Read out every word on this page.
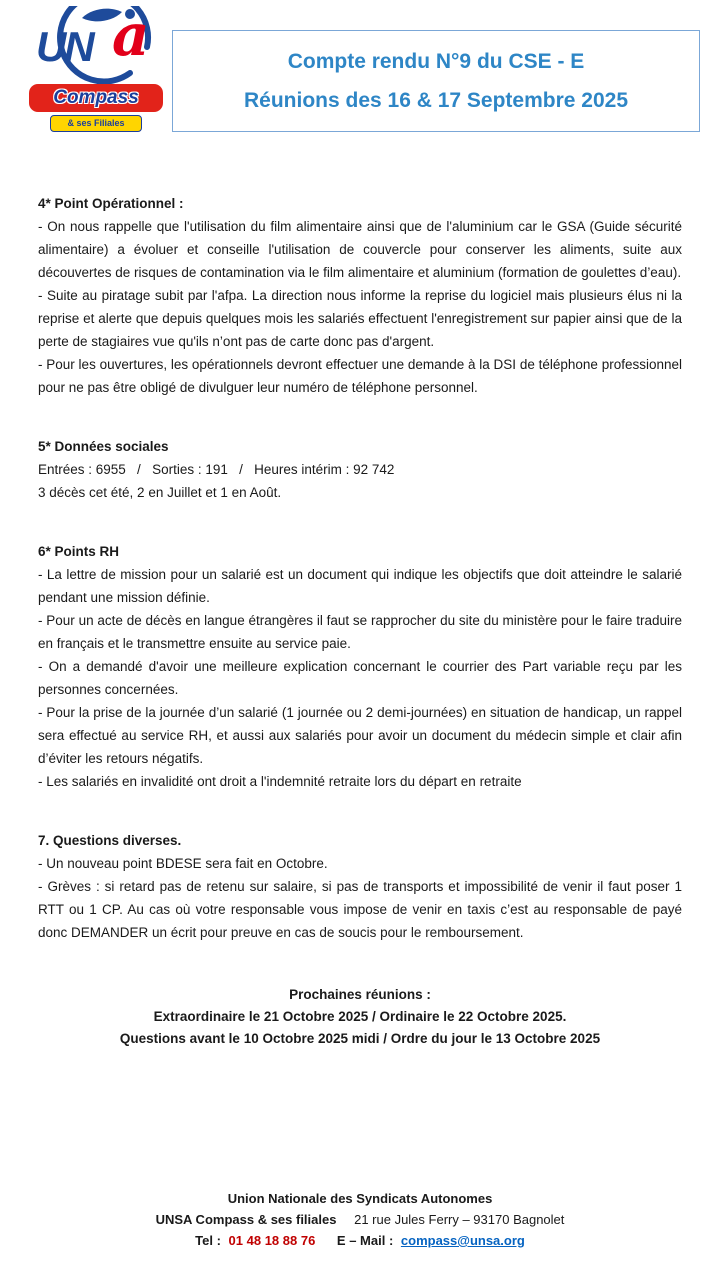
UN a
Compass
& ses Filiales
Compte rendu N°9 du CSE - E
Réunions des 16 & 17 Septembre 2025
4* Point Opérationnel :

- On nous rappelle que l'utilisation du film alimentaire ainsi que de l'aluminium car le GSA (Guide sécurité alimentaire) a évoluer et conseille l'utilisation de couvercle pour conserver les aliments, suite aux découvertes de risques de contamination via le film alimentaire et aluminium (formation de goulettes d’eau).

- Suite au piratage subit par l'afpa. La direction nous informe la reprise du logiciel mais plusieurs élus ni la reprise et alerte que depuis quelques mois les salariés effectuent l'enregistrement sur papier ainsi que de la perte de stagiaires vue qu'ils n’ont pas de carte donc pas d'argent.

- Pour les ouvertures, les opérationnels devront effectuer une demande à la DSI de téléphone professionnel pour ne pas être obligé de divulguer leur numéro de téléphone personnel.

5* Données sociales

Entrées : 6955   /   Sorties : 191   /   Heures intérim : 92 742

3 décès cet été, 2 en Juillet et 1 en Août.

6* Points RH

- La lettre de mission pour un salarié est un document qui indique les objectifs que doit atteindre le salarié pendant une mission définie.

- Pour un acte de décès en langue étrangères il faut se rapprocher du site du ministère pour le faire traduire en français et le transmettre ensuite au service paie.

- On a demandé d'avoir une meilleure explication concernant le courrier des Part variable reçu par les personnes concernées.

- Pour la prise de la journée d’un salarié (1 journée ou 2 demi-journées) en situation de handicap, un rappel sera effectué au service RH, et aussi aux salariés pour avoir un document du médecin simple et clair afin d’éviter les retours négatifs.

- Les salariés en invalidité ont droit a l'indemnité retraite lors du départ en retraite

7. Questions diverses.

- Un nouveau point BDESE sera fait en Octobre.

- Grèves : si retard pas de retenu sur salaire, si pas de transports et impossibilité de venir il faut poser 1 RTT ou 1 CP. Au cas où votre responsable vous impose de venir en taxis c’est au responsable de payé donc DEMANDER un écrit pour preuve en cas de soucis pour le remboursement.

Prochaines réunions :
Extraordinaire le 21 Octobre 2025 / Ordinaire le 22 Octobre 2025.
Questions avant le 10 Octobre 2025 midi / Ordre du jour le 13 Octobre 2025
Union Nationale des Syndicats Autonomes
UNSA Compass & ses filiales 21 rue Jules Ferry – 93170 Bagnolet
Tel : 01 48 18 88 76 E – Mail : compass@unsa.org
